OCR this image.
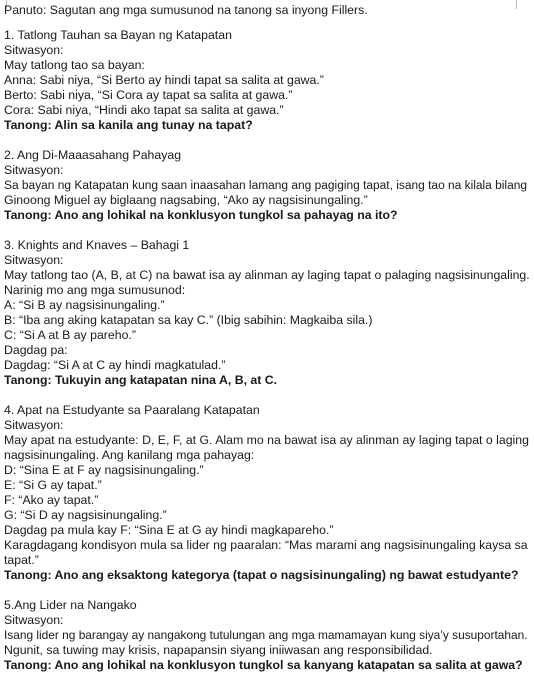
Panuto: Sagutan ang mga sumusunod na tanong sa inyong Fillers.
1. Tatlong Tauhan sa Bayan ng Katapatan
Sitwasyon:
May tatlong tao sa bayan:
Anna: Sabi niya, “Si Berto ay hindi tapat sa salita at gawa.”
Berto: Sabi niya, “Si Cora ay tapat sa salita at gawa.”
Cora: Sabi niya, “Hindi ako tapat sa salita at gawa.”
Tanong: Alin sa kanila ang tunay na tapat?
2. Ang Di-Maaasahang Pahayag
Sitwasyon:
Sa bayan ng Katapatan kung saan inaasahan lamang ang pagiging tapat, isang tao na kilala bilang
Ginoong Miguel ay biglaang nagsabing, “Ako ay nagsisinungaling.”
Tanong: Ano ang lohikal na konklusyon tungkol sa pahayag na ito?
3. Knights and Knaves – Bahagi 1
Sitwasyon:
May tatlong tao (A, B, at C) na bawat isa ay alinman ay laging tapat o palaging nagsisinungaling.
Narinig mo ang mga sumusunod:
A: “Si B ay nagsisinungaling.”
B: “Iba ang aking katapatan sa kay C.” (Ibig sabihin: Magkaiba sila.)
C: “Si A at B ay pareho.”
Dagdag pa:
Dagdag: “Si A at C ay hindi magkatulad.”
Tanong: Tukuyin ang katapatan nina A, B, at C.
4. Apat na Estudyante sa Paaralang Katapatan
Sitwasyon:
May apat na estudyante: D, E, F, at G. Alam mo na bawat isa ay alinman ay laging tapat o laging
nagsisinungaling. Ang kanilang mga pahayag:
D: “Sina E at F ay nagsisinungaling.”
E: “Si G ay tapat.”
F: “Ako ay tapat.”
G: “Si D ay nagsisinungaling.”
Dagdag pa mula kay F: “Sina E at G ay hindi magkapareho.”
Karagdagang kondisyon mula sa lider ng paaralan: “Mas marami ang nagsisinungaling kaysa sa
tapat.”
Tanong: Ano ang eksaktong kategorya (tapat o nagsisinungaling) ng bawat estudyante?
5.Ang Lider na Nangako
Sitwasyon:
Isang lider ng barangay ay nangakong tutulungan ang mga mamamayan kung siya’y susuportahan.
Ngunit, sa tuwing may krisis, napapansin siyang iniiwasan ang responsibilidad.
Tanong: Ano ang lohikal na konklusyon tungkol sa kanyang katapatan sa salita at gawa?
